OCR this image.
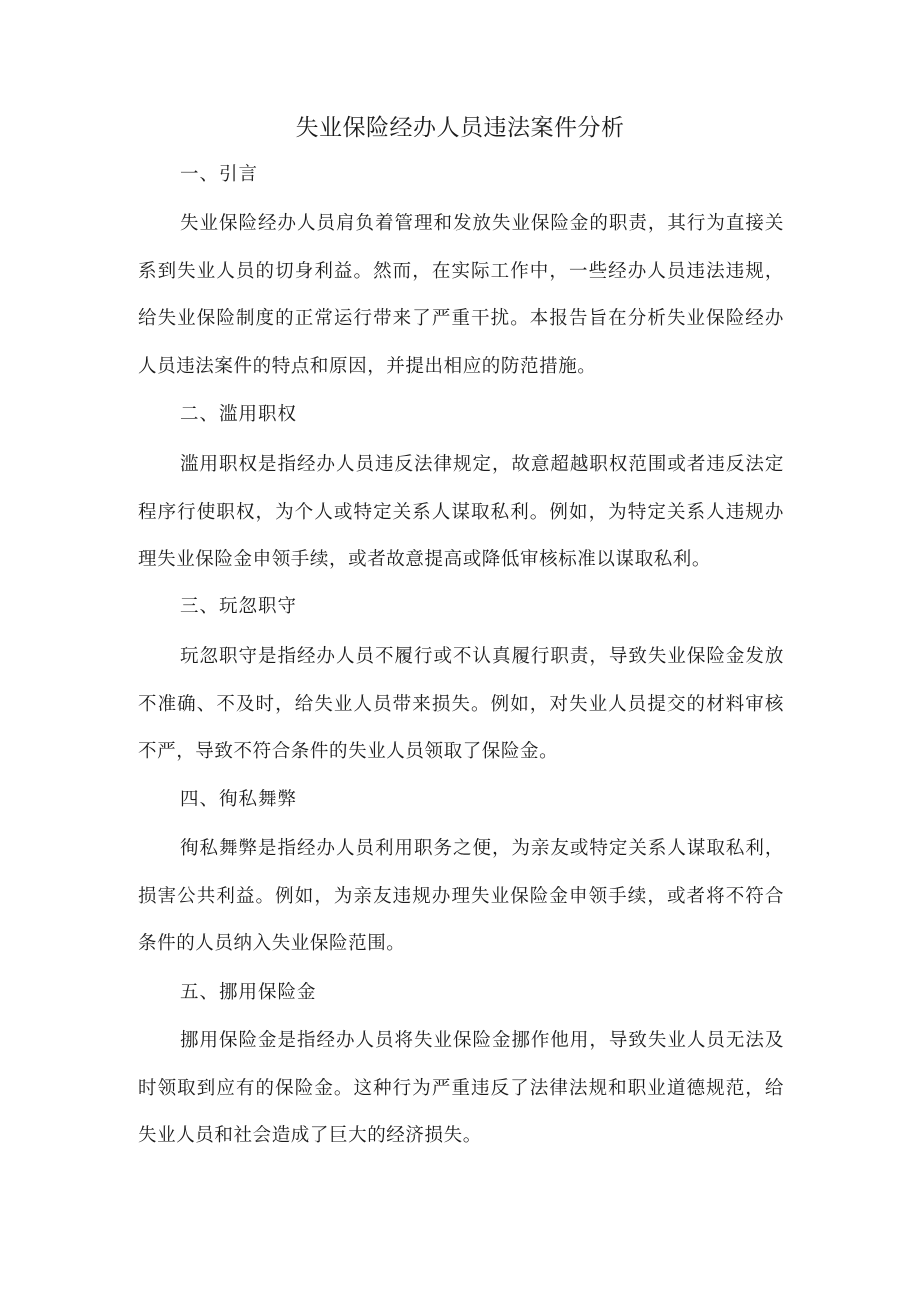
失业保险经办人员违法案件分析
一、引言

失业保险经办人员肩负着管理和发放失业保险金的职责，其行为直接关系到失业人员的切身利益。然而，在实际工作中，一些经办人员违法违规，给失业保险制度的正常运行带来了严重干扰。本报告旨在分析失业保险经办人员违法案件的特点和原因，并提出相应的防范措施。

二、滥用职权

滥用职权是指经办人员违反法律规定，故意超越职权范围或者违反法定程序行使职权，为个人或特定关系人谋取私利。例如，为特定关系人违规办理失业保险金申领手续，或者故意提高或降低审核标准以谋取私利。

三、玩忽职守

玩忽职守是指经办人员不履行或不认真履行职责，导致失业保险金发放不准确、不及时，给失业人员带来损失。例如，对失业人员提交的材料审核不严，导致不符合条件的失业人员领取了保险金。

四、徇私舞弊

徇私舞弊是指经办人员利用职务之便，为亲友或特定关系人谋取私利，损害公共利益。例如，为亲友违规办理失业保险金申领手续，或者将不符合条件的人员纳入失业保险范围。

五、挪用保险金

挪用保险金是指经办人员将失业保险金挪作他用，导致失业人员无法及时领取到应有的保险金。这种行为严重违反了法律法规和职业道德规范，给失业人员和社会造成了巨大的经济损失。
